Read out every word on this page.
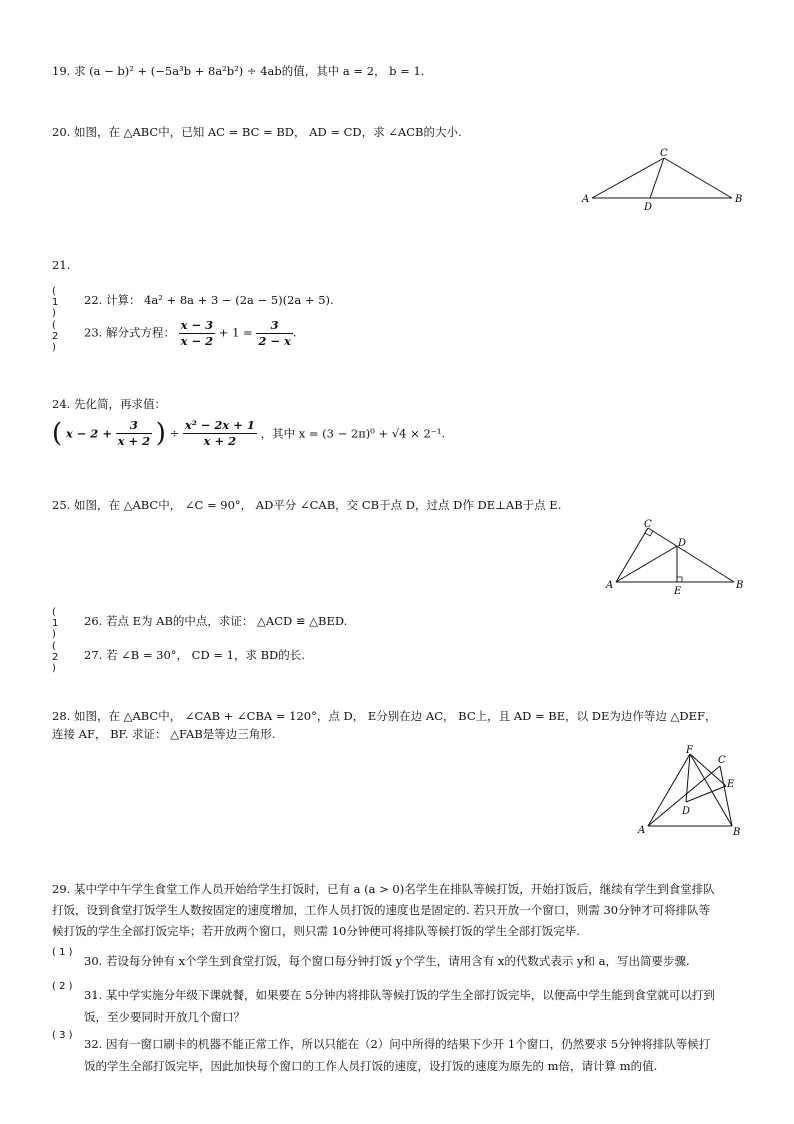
19. 求 (a − b)² + (−5a³b + 8a²b²) ÷ 4ab的值，其中 a = 2， b = 1.
20. 如图，在 △ABC中，已知 AC = BC = BD， AD = CD，求 ∠ACB的大小.
A	B
C
D
21.
( 1 )
22. 计算： 4a² + 8a + 3 − (2a − 5)(2a + 5).
( 2 )
23. 解分式方程： $\frac{x - 3}{x - 2} + 1 = \frac{3}{2 - x}$ .
24. 先化简，再求值：
( $x - 2 + \frac{3}{x + 2}$ ) ÷ $\frac{\text{x² − 2x + 1}}{x + 2}$ ，其中 x = (3 − 2π)⁰ + √4 × 2⁻¹.
25. 如图，在 △ABC中， ∠C = 90°， AD平分 ∠CAB，交 CB于点 D，过点 D作 DE⊥AB于点 E.
A	B
C
D
E
( 1 )
26. 若点 E为 AB的中点，求证： △ACD ≌ △BED.
( 2 )
27. 若 ∠B = 30°， CD = 1，求 BD的长.
28. 如图，在 △ABC中， ∠CAB + ∠CBA = 120°，点 D， E分别在边 AC， BC上，且 AD = BE，以 DE为边作等边 △DEF，
连接 AF， BF. 求证： △FAB是等边三角形.
A	B
C
D
E
F
29. 某中学中午学生食堂工作人员开始给学生打饭时，已有 a (a > 0)名学生在排队等候打饭，开始打饭后，继续有学生到食堂排队
打饭，设到食堂打饭学生人数按固定的速度增加，工作人员打饭的速度也是固定的. 若只开放一个窗口，则需 30分钟才可将排队等
候打饭的学生全部打饭完毕；若开放两个窗口，则只需 10分钟便可将排队等候打饭的学生全部打饭完毕.
( 1 )
30. 若设每分钟有 x个学生到食堂打饭，每个窗口每分钟打饭 y个学生，请用含有 x的代数式表示 y和 a，写出简要步骤.
( 2 )
31. 某中学实施分年级下课就餐，如果要在 5分钟内将排队等候打饭的学生全部打饭完毕，以便高中学生能到食堂就可以打到
饭，至少要同时开放几个窗口？
( 3 )
32. 因有一窗口刷卡的机器不能正常工作，所以只能在（2）问中所得的结果下少开 1个窗口，仍然要求 5分钟将排队等候打
饭的学生全部打饭完毕，因此加快每个窗口的工作人员打饭的速度，设打饭的速度为原先的 m倍，请计算 m的值.
